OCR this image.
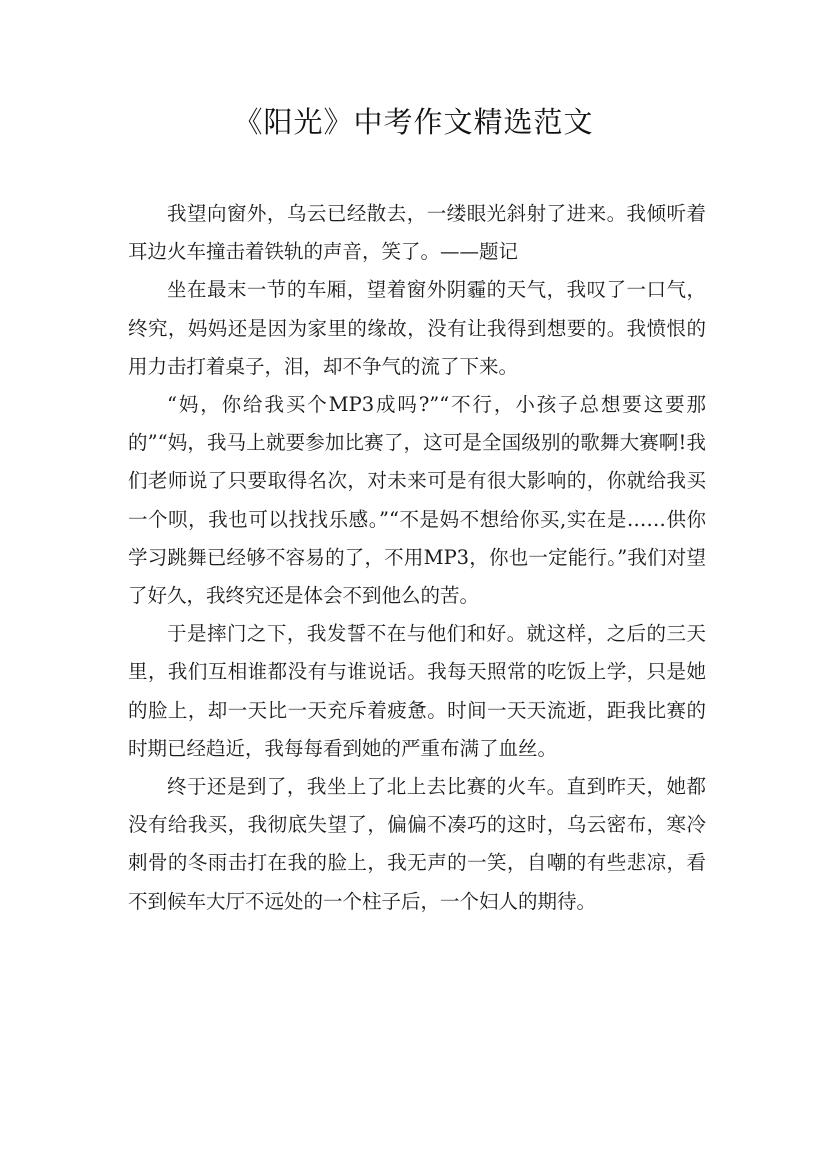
《阳光》中考作文精选范文

我望向窗外，乌云已经散去，一缕眼光斜射了进来。我倾听着耳边火车撞击着铁轨的声音，笑了。——题记

坐在最末一节的车厢，望着窗外阴霾的天气，我叹了一口气，终究，妈妈还是因为家里的缘故，没有让我得到想要的。我愤恨的用力击打着桌子，泪，却不争气的流了下来。

“妈，你给我买个MP3成吗?”“不行，小孩子总想要这要那的”“妈，我马上就要参加比赛了，这可是全国级别的歌舞大赛啊!我们老师说了只要取得名次，对未来可是有很大影响的，你就给我买一个呗，我也可以找找乐感。”“不是妈不想给你买,实在是……供你学习跳舞已经够不容易的了，不用MP3，你也一定能行。”我们对望了好久，我终究还是体会不到他么的苦。

于是摔门之下，我发誓不在与他们和好。就这样，之后的三天里，我们互相谁都没有与谁说话。我每天照常的吃饭上学，只是她的脸上，却一天比一天充斥着疲惫。时间一天天流逝，距我比赛的时期已经趋近，我每每看到她的严重布满了血丝。

终于还是到了，我坐上了北上去比赛的火车。直到昨天，她都没有给我买，我彻底失望了，偏偏不凑巧的这时，乌云密布，寒冷刺骨的冬雨击打在我的脸上，我无声的一笑，自嘲的有些悲凉，看不到候车大厅不远处的一个柱子后，一个妇人的期待。
